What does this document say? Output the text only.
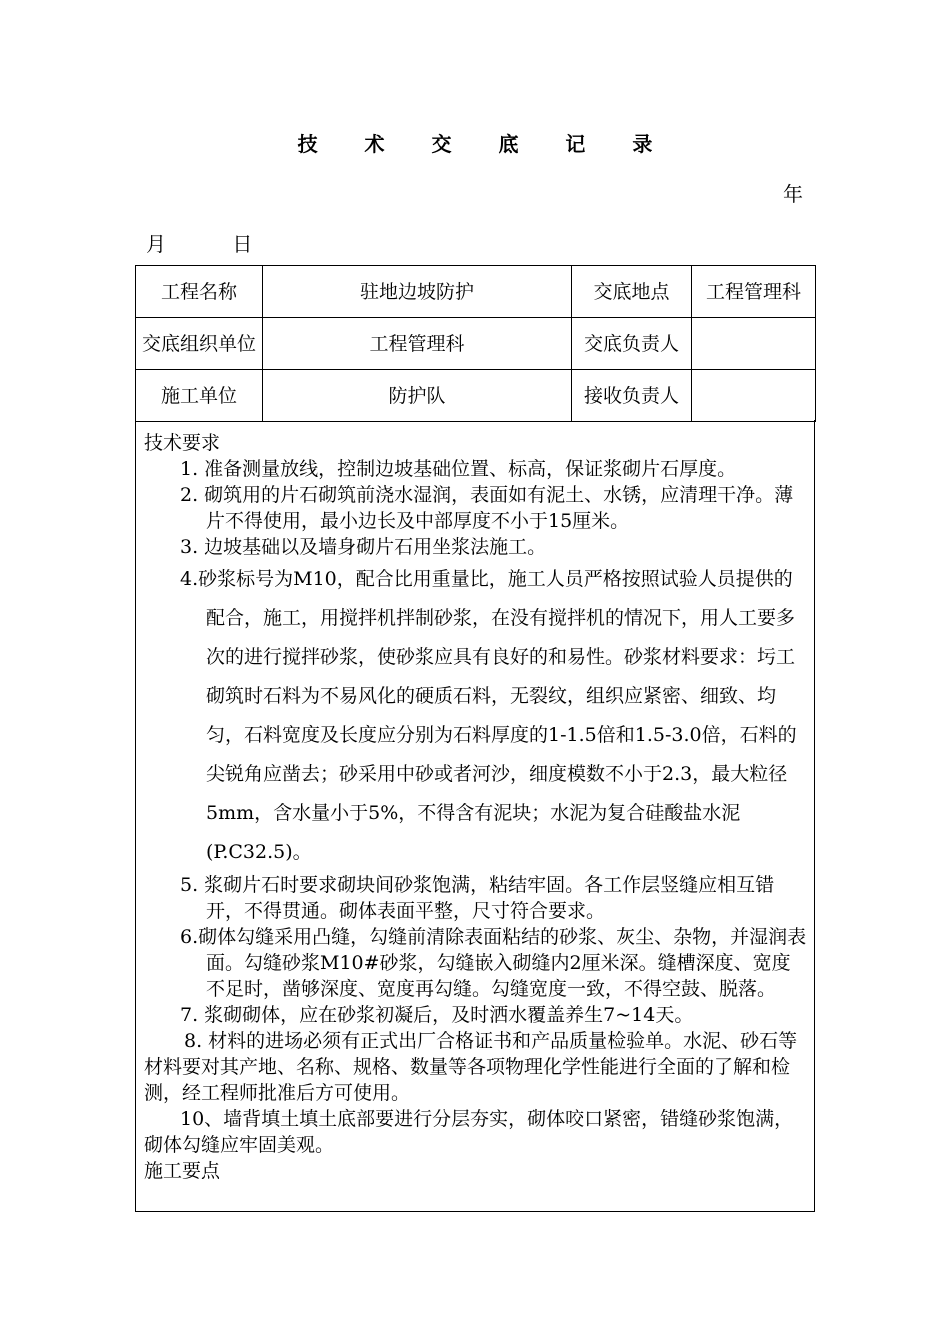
技 术 交 底 记 录
年
月	日
工程名称	驻地边坡防护	交底地点	工程管理科
交底组织单位	工程管理科	交底负责人	
施工单位	防护队	接收负责人	
技术要求
1. 准备测量放线，控制边坡基础位置、标高，保证浆砌片石厚度。
2. 砌筑用的片石砌筑前浇水湿润，表面如有泥土、水锈，应清理干净。薄片不得使用，最小边长及中部厚度不小于15厘米。
3. 边坡基础以及墙身砌片石用坐浆法施工。
4.砂浆标号为M10，配合比用重量比，施工人员严格按照试验人员提供的配合，施工，用搅拌机拌制砂浆，在没有搅拌机的情况下，用人工要多次的进行搅拌砂浆，使砂浆应具有良好的和易性。砂浆材料要求：圬工砌筑时石料为不易风化的硬质石料，无裂纹，组织应紧密、细致、均匀，石料宽度及长度应分别为石料厚度的1-1.5倍和1.5-3.0倍，石料的尖锐角应凿去；砂采用中砂或者河沙，细度模数不小于2.3，最大粒径5mm，含水量小于5%，不得含有泥块；水泥为复合硅酸盐水泥(P.C32.5)。
5. 浆砌片石时要求砌块间砂浆饱满，粘结牢固。各工作层竖缝应相互错开，不得贯通。砌体表面平整，尺寸符合要求。
6.砌体勾缝采用凸缝，勾缝前清除表面粘结的砂浆、灰尘、杂物，并湿润表面。勾缝砂浆M10#砂浆，勾缝嵌入砌缝内2厘米深。缝槽深度、宽度不足时，凿够深度、宽度再勾缝。勾缝宽度一致，不得空鼓、脱落。
7. 浆砌砌体，应在砂浆初凝后，及时洒水覆盖养生7~14天。
8. 材料的进场必须有正式出厂合格证书和产品质量检验单。水泥、砂石等材料要对其产地、名称、规格、数量等各项物理化学性能进行全面的了解和检测，经工程师批准后方可使用。
10、墙背填土填土底部要进行分层夯实，砌体咬口紧密，错缝砂浆饱满，砌体勾缝应牢固美观。
施工要点
